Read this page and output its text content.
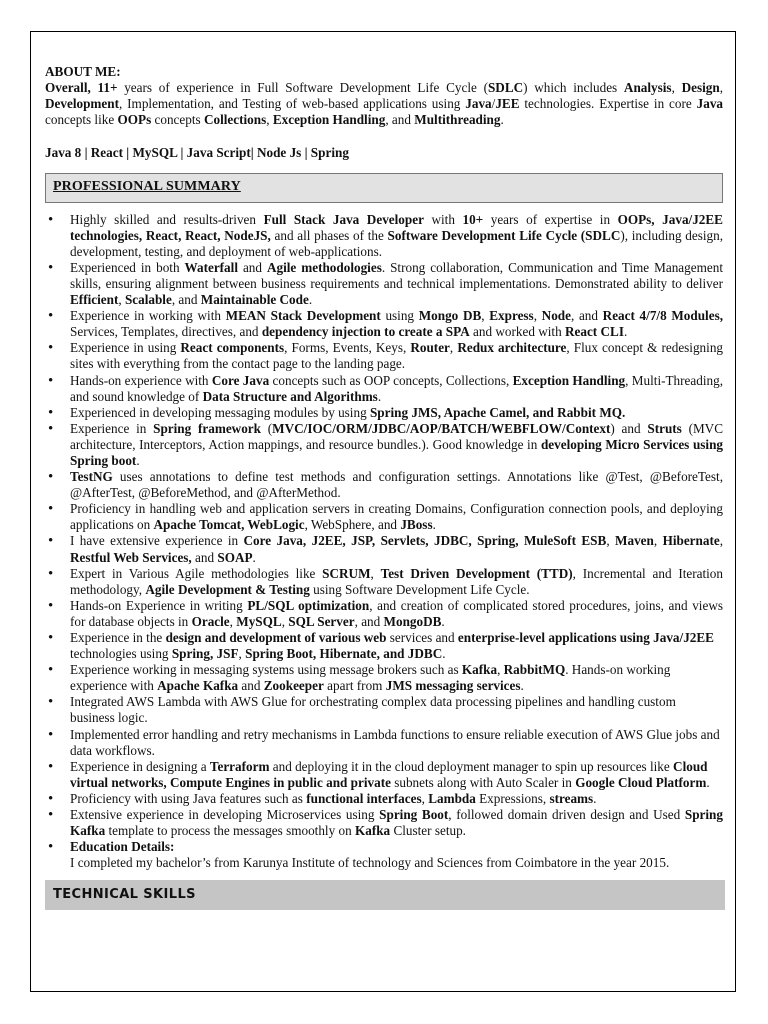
ABOUT ME:

Overall, 11+ years of experience in Full Software Development Life Cycle (SDLC) which includes Analysis, Design, Development, Implementation, and Testing of web-based applications using Java/JEE technologies. Expertise in core Java concepts like OOPs concepts Collections, Exception Handling, and Multithreading.

Java 8 | React | MySQL | Java Script| Node Js | Spring

PROFESSIONAL SUMMARY
•
Highly skilled and results-driven Full Stack Java Developer with 10+ years of expertise in OOPs, Java/J2EE technologies, React, React, NodeJS, and all phases of the Software Development Life Cycle (SDLC), including design, development, testing, and deployment of web-applications.
•
Experienced in both Waterfall and Agile methodologies. Strong collaboration, Communication and Time Management skills, ensuring alignment between business requirements and technical implementations. Demonstrated ability to deliver Efficient, Scalable, and Maintainable Code.
•
Experience in working with MEAN Stack Development using Mongo DB, Express, Node, and React 4/7/8 Modules, Services, Templates, directives, and dependency injection to create a SPA and worked with React CLI.
•
Experience in using React components, Forms, Events, Keys, Router, Redux architecture, Flux concept & redesigning sites with everything from the contact page to the landing page.
•
Hands-on experience with Core Java concepts such as OOP concepts, Collections, Exception Handling, Multi-Threading, and sound knowledge of Data Structure and Algorithms.
•
Experienced in developing messaging modules by using Spring JMS, Apache Camel, and Rabbit MQ.
•
Experience in Spring framework (MVC/IOC/ORM/JDBC/AOP/BATCH/WEBFLOW/Context) and Struts (MVC architecture, Interceptors, Action mappings, and resource bundles.). Good knowledge in developing Micro Services using Spring boot.
•
TestNG uses annotations to define test methods and configuration settings. Annotations like @Test, @BeforeTest, @AfterTest, @BeforeMethod, and @AfterMethod.
•
Proficiency in handling web and application servers in creating Domains, Configuration connection pools, and deploying applications on Apache Tomcat, WebLogic, WebSphere, and JBoss.
•
I have extensive experience in Core Java, J2EE, JSP, Servlets, JDBC, Spring, MuleSoft ESB, Maven, Hibernate, Restful Web Services, and SOAP.
•
Expert in Various Agile methodologies like SCRUM, Test Driven Development (TTD), Incremental and Iteration methodology, Agile Development & Testing using Software Development Life Cycle.
•
Hands-on Experience in writing PL/SQL optimization, and creation of complicated stored procedures, joins, and views for database objects in Oracle, MySQL, SQL Server, and MongoDB.
•
Experience in the design and development of various web services and enterprise-level applications using Java/J2EE
technologies using Spring, JSF, Spring Boot, Hibernate, and JDBC.
•
Experience working in messaging systems using message brokers such as Kafka, RabbitMQ. Hands-on working experience with Apache Kafka and Zookeeper apart from JMS messaging services.
•
Integrated AWS Lambda with AWS Glue for orchestrating complex data processing pipelines and handling custom business logic.
•
Implemented error handling and retry mechanisms in Lambda functions to ensure reliable execution of AWS Glue jobs and data workflows.
•
Experience in designing a Terraform and deploying it in the cloud deployment manager to spin up resources like Cloud virtual networks, Compute Engines in public and private subnets along with Auto Scaler in Google Cloud Platform.
•
Proficiency with using Java features such as functional interfaces, Lambda Expressions, streams.
•
Extensive experience in developing Microservices using Spring Boot, followed domain driven design and Used Spring Kafka template to process the messages smoothly on Kafka Cluster setup.
•
Education Details:
I completed my bachelor’s from Karunya Institute of technology and Sciences from Coimbatore in the year 2015.
TECHNICAL SKILLS
